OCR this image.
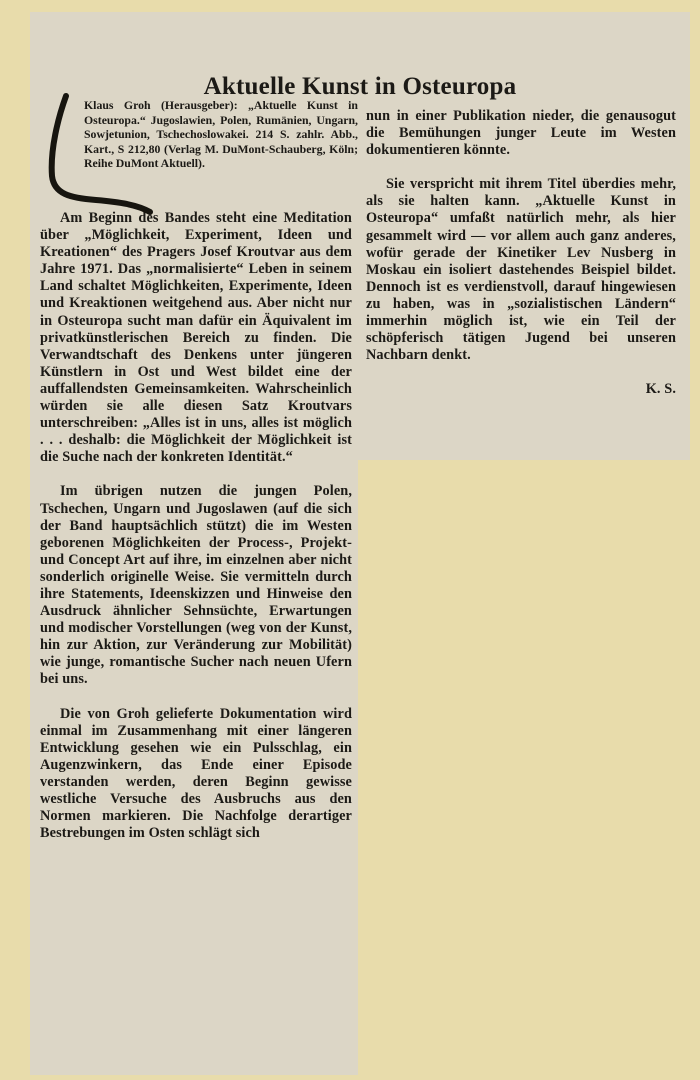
Aktuelle Kunst in Osteuropa
Klaus Groh (Herausgeber): „Aktuelle Kunst in Osteuropa.“ Jugoslawien, Polen, Rumänien, Ungarn, Sowjetunion, Tschechoslowakei. 214 S. zahlr. Abb., Kart., S 212,80 (Verlag M. DuMont-Schauberg, Köln; Reihe DuMont Aktuell).

Am Beginn des Bandes steht eine Meditation über „Möglichkeit, Experiment, Ideen und Kreationen“ des Pragers Josef Kroutvar aus dem Jahre 1971. Das „normalisierte“ Leben in seinem Land schaltet Möglichkeiten, Experimente, Ideen und Kreaktionen weitgehend aus. Aber nicht nur in Osteuropa sucht man dafür ein Äquivalent im privatkünstlerischen Bereich zu finden. Die Verwandtschaft des Denkens unter jüngeren Künstlern in Ost und West bildet eine der auffallendsten Gemeinsamkeiten. Wahrscheinlich würden sie alle diesen Satz Kroutvars unterschreiben: „Alles ist in uns, alles ist möglich . . . deshalb: die Möglichkeit der Möglichkeit ist die Suche nach der konkreten Identität.“

Im übrigen nutzen die jungen Polen, Tschechen, Ungarn und Jugoslawen (auf die sich der Band hauptsächlich stützt) die im Westen geborenen Möglichkeiten der Process-, Projekt- und Concept Art auf ihre, im einzelnen aber nicht sonderlich originelle Weise. Sie vermitteln durch ihre Statements, Ideenskizzen und Hinweise den Ausdruck ähnlicher Sehnsüchte, Erwartungen und modischer Vorstellungen (weg von der Kunst, hin zur Aktion, zur Veränderung zur Mobilität) wie junge, romantische Sucher nach neuen Ufern bei uns.

Die von Groh gelieferte Dokumentation wird einmal im Zusammenhang mit einer längeren Entwicklung gesehen wie ein Pulsschlag, ein Augenzwinkern, das Ende einer Episode verstanden werden, deren Beginn gewisse westliche Versuche des Ausbruchs aus den Normen markieren. Die Nachfolge derartiger Bestrebungen im Osten schlägt sich

nun in einer Publikation nieder, die genausogut die Bemühungen junger Leute im Westen dokumentieren könnte.

Sie verspricht mit ihrem Titel überdies mehr, als sie halten kann. „Aktuelle Kunst in Osteuropa“ umfaßt natürlich mehr, als hier gesammelt wird — vor allem auch ganz anderes, wofür gerade der Kinetiker Lev Nusberg in Moskau ein isoliert dastehendes Beispiel bildet. Dennoch ist es verdienstvoll, darauf hingewiesen zu haben, was in „sozialistischen Ländern“ immerhin möglich ist, wie ein Teil der schöpferisch tätigen Jugend bei unseren Nachbarn denkt.

K. S.
